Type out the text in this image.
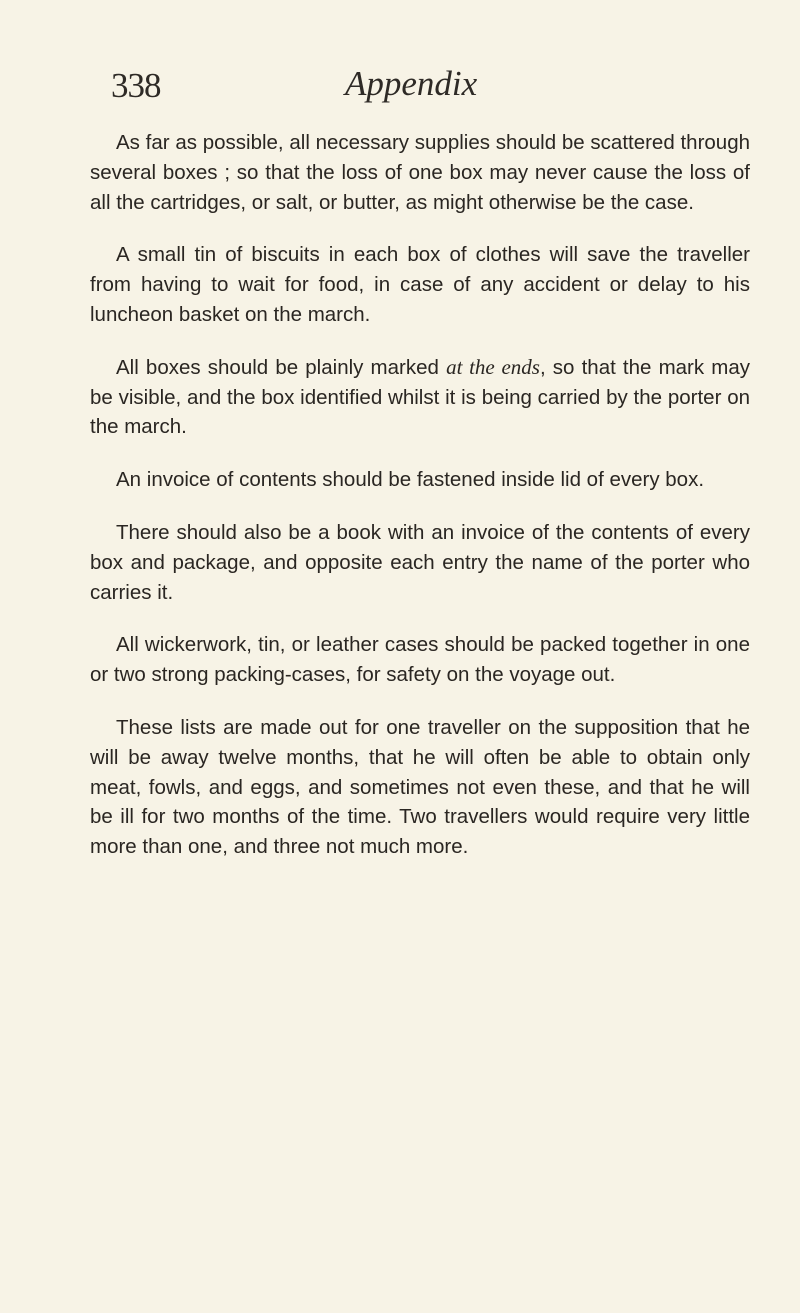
338	Appendix

As far as possible, all necessary supplies should be scattered through several boxes ; so that the loss of one box may never cause the loss of all the cartridges, or salt, or butter, as might otherwise be the case.

A small tin of biscuits in each box of clothes will save the traveller from having to wait for food, in case of any accident or delay to his luncheon basket on the march.

All boxes should be plainly marked at the ends, so that the mark may be visible, and the box identified whilst it is being carried by the porter on the march.

An invoice of contents should be fastened inside lid of every box.

There should also be a book with an invoice of the contents of every box and package, and opposite each entry the name of the porter who carries it.

All wickerwork, tin, or leather cases should be packed together in one or two strong packing-cases, for safety on the voyage out.

These lists are made out for one traveller on the supposition that he will be away twelve months, that he will often be able to obtain only meat, fowls, and eggs, and sometimes not even these, and that he will be ill for two months of the time. Two travellers would require very little more than one, and three not much more.
